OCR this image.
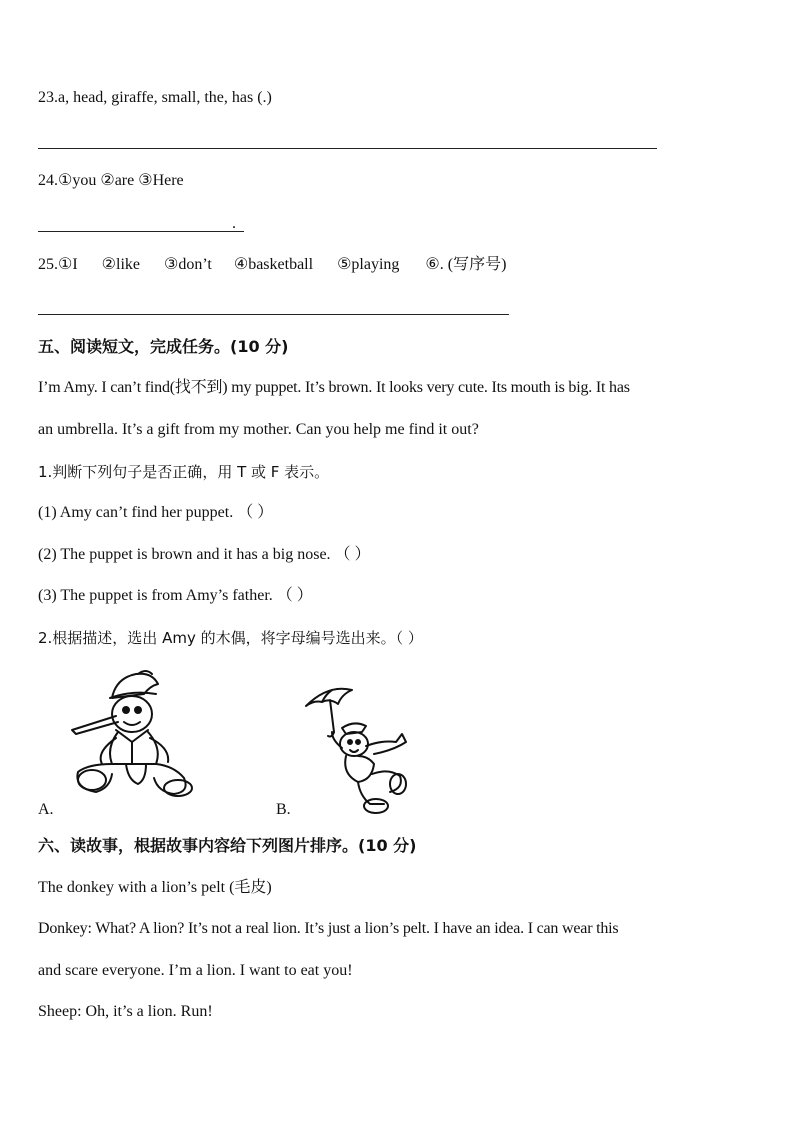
23.a, head, giraffe, small, the, has (.)
24.①you ②are ③Here
.
25.①I ②like ③don’t ④basketball ⑤playing ⑥. (写序号)
五、阅读短文，完成任务。(10 分)
I’m Amy. I can’t find(找不到) my puppet. It’s brown. It looks very cute. Its mouth is big. It has
an umbrella. It’s a gift from my mother. Can you help me find it out?
1.判断下列句子是否正确，用 T 或 F 表示。
(1) Amy can’t find her puppet. （ ）
(2) The puppet is brown and it has a big nose. （ ）
(3) The puppet is from Amy’s father. （ ）
2.根据描述，选出 Amy 的木偶，将字母编号选出来。（ ）
A.	B.
六、读故事，根据故事内容给下列图片排序。(10 分)
The donkey with a lion’s pelt (毛皮)
Donkey: What? A lion? It’s not a real lion. It’s just a lion’s pelt. I have an idea. I can wear this
and scare everyone. I’m a lion. I want to eat you!
Sheep: Oh, it’s a lion. Run!
